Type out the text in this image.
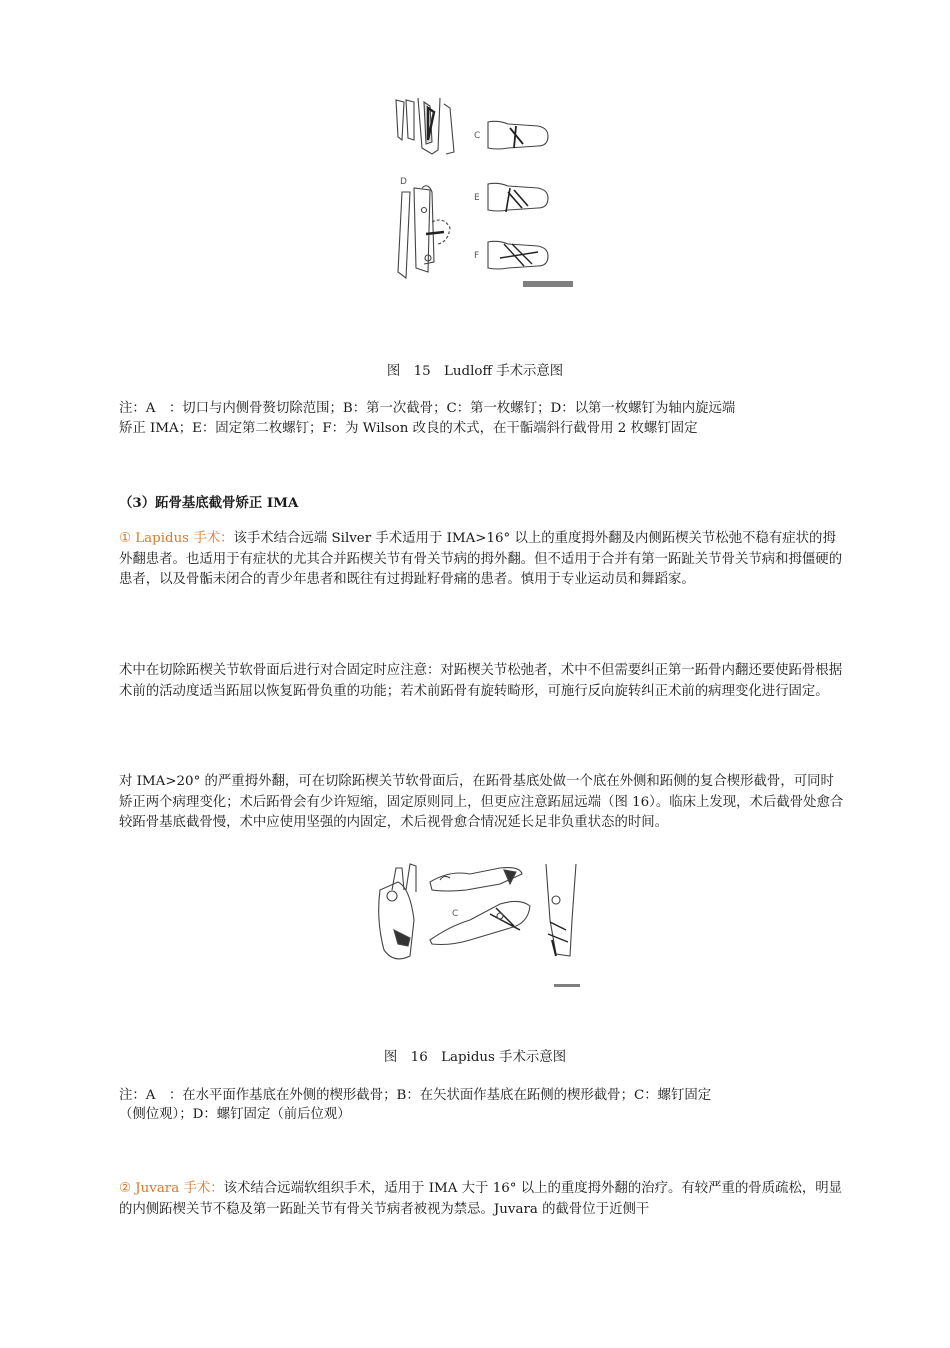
C
D
E
F

图　15　Ludloff 手术示意图

注：A　：切口与内侧骨赘切除范围；B：第一次截骨；C：第一枚螺钉；D：以第一枚螺钉为轴内旋远端

矫正 IMA；E：固定第二枚螺钉；F：为 Wilson 改良的术式，在干骺端斜行截骨用 2 枚螺钉固定

（3）跖骨基底截骨矫正 IMA

① Lapidus 手术：该手术结合远端 Silver 手术适用于 IMA>16° 以上的重度拇外翻及内侧跖楔关节松弛不稳有症状的拇外翻患者。也适用于有症状的尤其合并跖楔关节有骨关节病的拇外翻。但不适用于合并有第一跖趾关节骨关节病和拇僵硬的患者，以及骨骺未闭合的青少年患者和既往有过拇趾籽骨痛的患者。慎用于专业运动员和舞蹈家。

术中在切除跖楔关节软骨面后进行对合固定时应注意：对跖楔关节松弛者，术中不但需要纠正第一跖骨内翻还要使跖骨根据术前的活动度适当跖屈以恢复跖骨负重的功能；若术前跖骨有旋转畸形，可施行反向旋转纠正术前的病理变化进行固定。

对 IMA>20° 的严重拇外翻，可在切除跖楔关节软骨面后，在跖骨基底处做一个底在外侧和跖侧的复合楔形截骨，可同时矫正两个病理变化；术后跖骨会有少许短缩，固定原则同上，但更应注意跖屈远端（图 16）。临床上发现，术后截骨处愈合较跖骨基底截骨慢，术中应使用坚强的内固定，术后视骨愈合情况延长足非负重状态的时间。

C

图　16　Lapidus 手术示意图

注：A　：在水平面作基底在外侧的楔形截骨；B：在矢状面作基底在跖侧的楔形截骨；C：螺钉固定

（侧位观）；D：螺钉固定（前后位观）

② Juvara 手术：该术结合远端软组织手术，适用于 IMA 大于 16° 以上的重度拇外翻的治疗。有较严重的骨质疏松，明显的内侧跖楔关节不稳及第一跖趾关节有骨关节病者被视为禁忌。Juvara 的截骨位于近侧干
